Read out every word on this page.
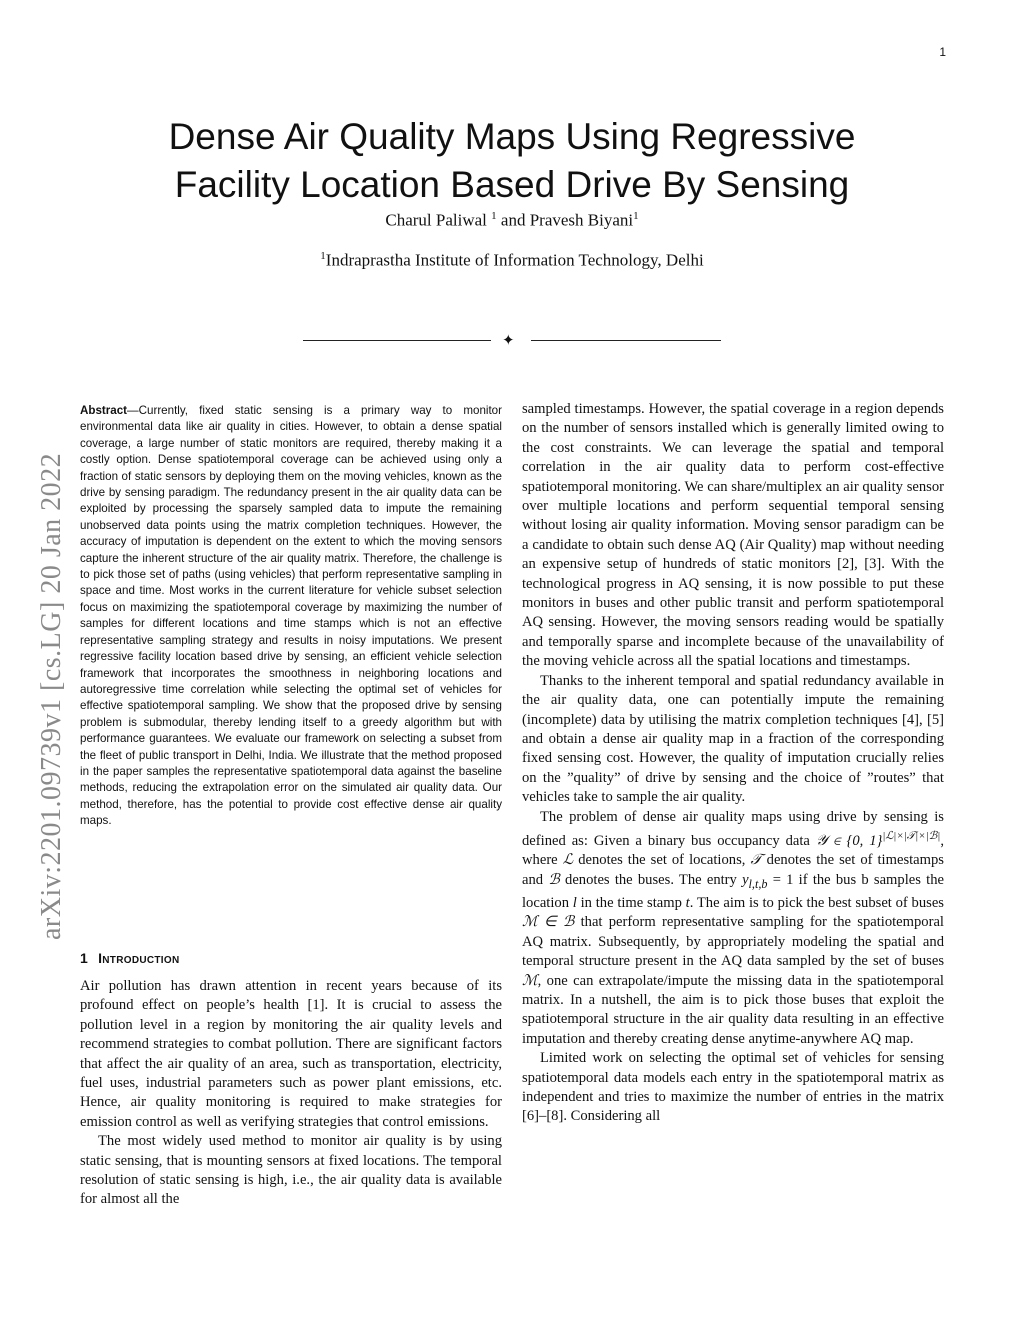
1
arXiv:2201.09739v1 [cs.LG] 20 Jan 2022
Dense Air Quality Maps Using Regressive
Facility Location Based Drive By Sensing
Charul Paliwal $^1$ and Pravesh Biyani$^1$
$^1$Indraprastha Institute of Information Technology, Delhi
✦
Abstract—Currently, fixed static sensing is a primary way to monitor environmental data like air quality in cities. However, to obtain a dense spatial coverage, a large number of static monitors are required, thereby making it a costly option. Dense spatiotemporal coverage can be achieved using only a fraction of static sensors by deploying them on the moving vehicles, known as the drive by sensing paradigm. The redundancy present in the air quality data can be exploited by processing the sparsely sampled data to impute the remaining unobserved data points using the matrix completion techniques. However, the accuracy of imputation is dependent on the extent to which the moving sensors capture the inherent structure of the air quality matrix. Therefore, the challenge is to pick those set of paths (using vehicles) that perform representative sampling in space and time. Most works in the current literature for vehicle subset selection focus on maximizing the spatiotemporal coverage by maximizing the number of samples for different locations and time stamps which is not an effective representative sampling strategy and results in noisy imputations. We present regressive facility location based drive by sensing, an efficient vehicle selection framework that incorporates the smoothness in neighboring locations and autoregressive time correlation while selecting the optimal set of vehicles for effective spatiotemporal sampling. We show that the proposed drive by sensing problem is submodular, thereby lending itself to a greedy algorithm but with performance guarantees. We evaluate our framework on selecting a subset from the fleet of public transport in Delhi, India. We illustrate that the method proposed in the paper samples the representative spatiotemporal data against the baseline methods, reducing the extrapolation error on the simulated air quality data. Our method, therefore, has the potential to provide cost effective dense air quality maps.
1 Introduction

Air pollution has drawn attention in recent years because of its profound effect on people’s health [1]. It is crucial to assess the pollution level in a region by monitoring the air quality levels and recommend strategies to combat pollution. There are significant factors that affect the air quality of an area, such as transportation, electricity, fuel uses, industrial parameters such as power plant emissions, etc. Hence, air quality monitoring is required to make strategies for emission control as well as verifying strategies that control emissions.

The most widely used method to monitor air quality is by using static sensing, that is mounting sensors at fixed locations. The temporal resolution of static sensing is high, i.e., the air quality data is available for almost all the

sampled timestamps. However, the spatial coverage in a region depends on the number of sensors installed which is generally limited owing to the cost constraints. We can leverage the spatial and temporal correlation in the air quality data to perform cost-effective spatiotemporal monitoring. We can share/multiplex an air quality sensor over multiple locations and perform sequential temporal sensing without losing air quality information. Moving sensor paradigm can be a candidate to obtain such dense AQ (Air Quality) map without needing an expensive setup of hundreds of static monitors [2], [3]. With the technological progress in AQ sensing, it is now possible to put these monitors in buses and other public transit and perform spatiotemporal AQ sensing. However, the moving sensors reading would be spatially and temporally sparse and incomplete because of the unavailability of the moving vehicle across all the spatial locations and timestamps.

Thanks to the inherent temporal and spatial redundancy available in the air quality data, one can potentially impute the remaining (incomplete) data by utilising the matrix completion techniques [4], [5] and obtain a dense air quality map in a fraction of the corresponding fixed sensing cost. However, the quality of imputation crucially relies on the ”quality” of drive by sensing and the choice of ”routes” that vehicles take to sample the air quality.

The problem of dense air quality maps using drive by sensing is defined as: Given a binary bus occupancy data 𝒴 ∈ {0, 1}$^{|ℒ|\times|𝒯|\times|ℬ|}$, where ℒ denotes the set of locations, 𝒯 denotes the set of timestamps and ℬ denotes the buses. The entry $y_{l,t,b} = 1$ if the bus b samples the location l in the time stamp t. The aim is to pick the best subset of buses ℳ ∈ ℬ that perform representative sampling for the spatiotemporal AQ matrix. Subsequently, by appropriately modeling the spatial and temporal structure present in the AQ data sampled by the set of buses ℳ, one can extrapolate/impute the missing data in the spatiotemporal matrix. In a nutshell, the aim is to pick those buses that exploit the spatiotemporal structure in the air quality data resulting in an effective imputation and thereby creating dense anytime-anywhere AQ map.

Limited work on selecting the optimal set of vehicles for sensing spatiotemporal data models each entry in the spatiotemporal matrix as independent and tries to maximize the number of entries in the matrix [6]–[8]. Considering all
